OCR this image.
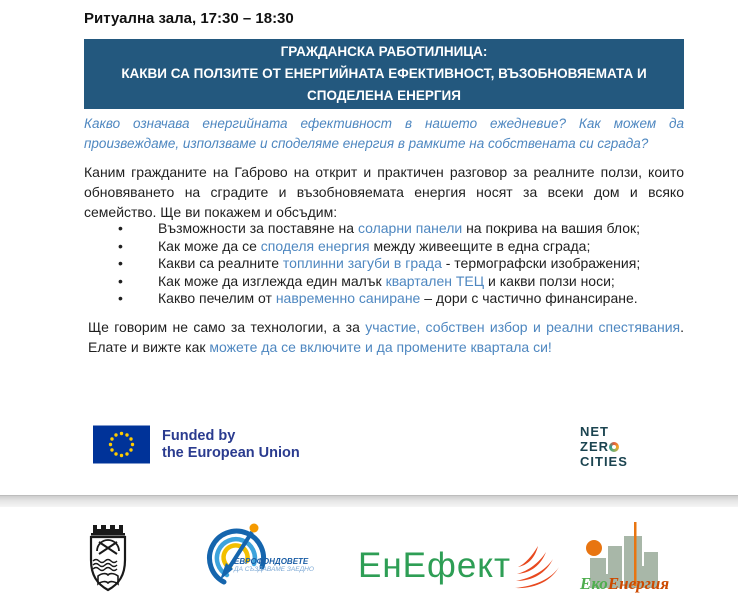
Ритуална зала, 17:30 – 18:30
ГРАЖДАНСКА РАБОТИЛНИЦА:
КАКВИ СА ПОЛЗИТЕ ОТ ЕНЕРГИЙНАТА ЕФЕКТИВНОСТ, ВЪЗОБНОВЯЕМАТА И СПОДЕЛЕНА ЕНЕРГИЯ
Какво означава енергийната ефективност в нашето ежедневие? Как можем да произвеждаме, използваме и споделяме енергия в рамките на собствената си сграда?
Каним гражданите на Габрово на открит и практичен разговор за реалните ползи, които обновяването на сградите и възобновяемата енергия носят за всеки дом и всяко семейство. Ще ви покажем и обсъдим:
•
Възможности за поставяне на соларни панели на покрива на вашия блок;
•
Как може да се споделя енергия между живеещите в една сграда;
•
Какви са реалните топлинни загуби в града - термографски изображения;
•
Как може да изглежда един малък квартален ТЕЦ и какви ползи носи;
•
Какво печелим от навременно саниране – дори с частично финансиране.
Ще говорим не само за технологии, а за участие, собствен избор и реални спестявания. Елате и вижте как можете да се включите и да промените квартала си!
Funded by
the European Union
NET
ZER
CITIES
ЕВРОФОНДОВЕТЕ
ДА СЪЗДАВАМЕ ЗАЕДНО ЕнЕфект	ЕкоЕнергия
